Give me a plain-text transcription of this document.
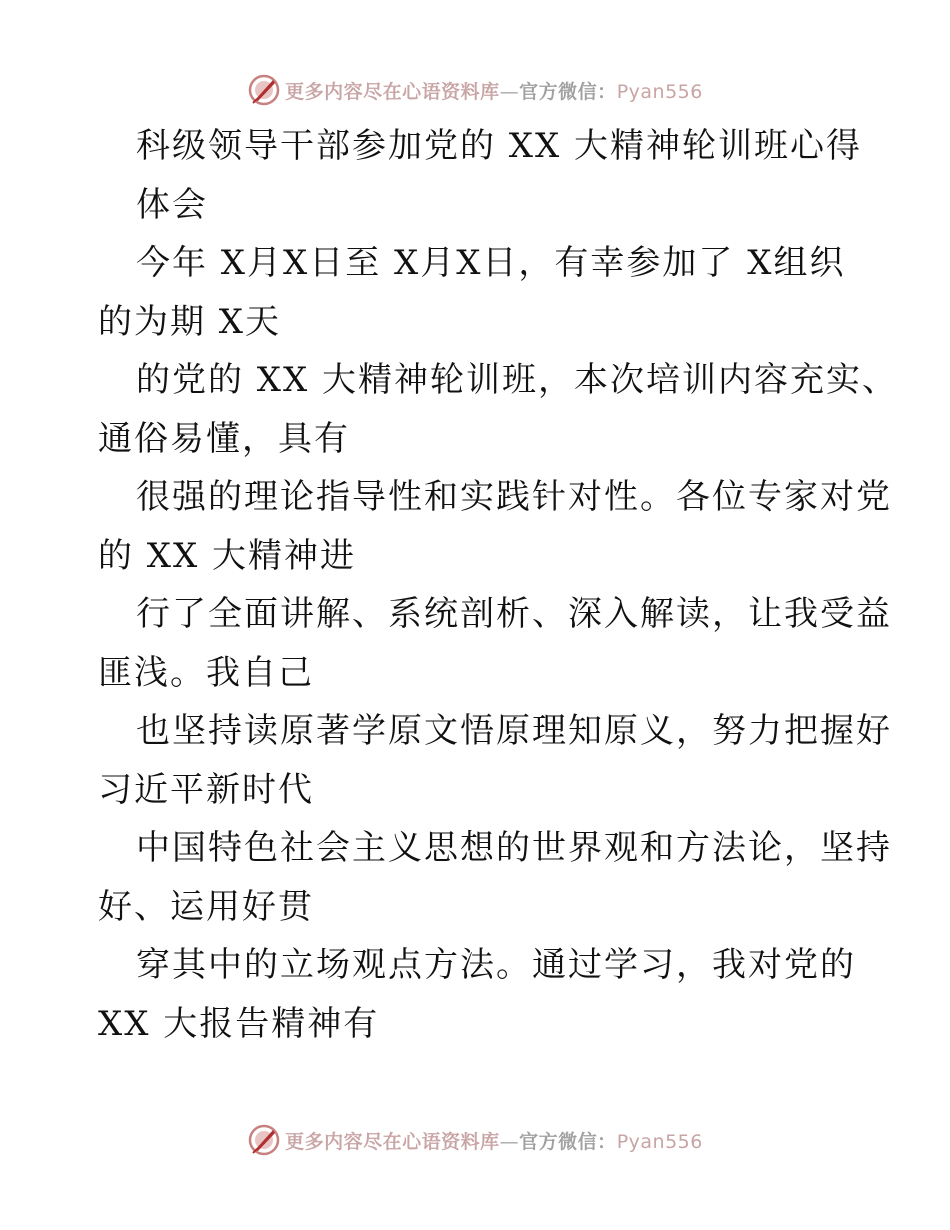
更多内容尽在心语资料库—官方微信：Pyan556
科级领导干部参加党的 XX 大精神轮训班心得
体会
今年 X月X日至 X月X日，有幸参加了 X组织
的为期 X天
的党的 XX 大精神轮训班，本次培训内容充实、
通俗易懂，具有
很强的理论指导性和实践针对性。各位专家对党
的 XX 大精神进
行了全面讲解、系统剖析、深入解读，让我受益
匪浅。我自己
也坚持读原著学原文悟原理知原义，努力把握好
习近平新时代
中国特色社会主义思想的世界观和方法论，坚持
好、运用好贯
穿其中的立场观点方法。通过学习，我对党的
XX 大报告精神有
更多内容尽在心语资料库—官方微信：Pyan556
